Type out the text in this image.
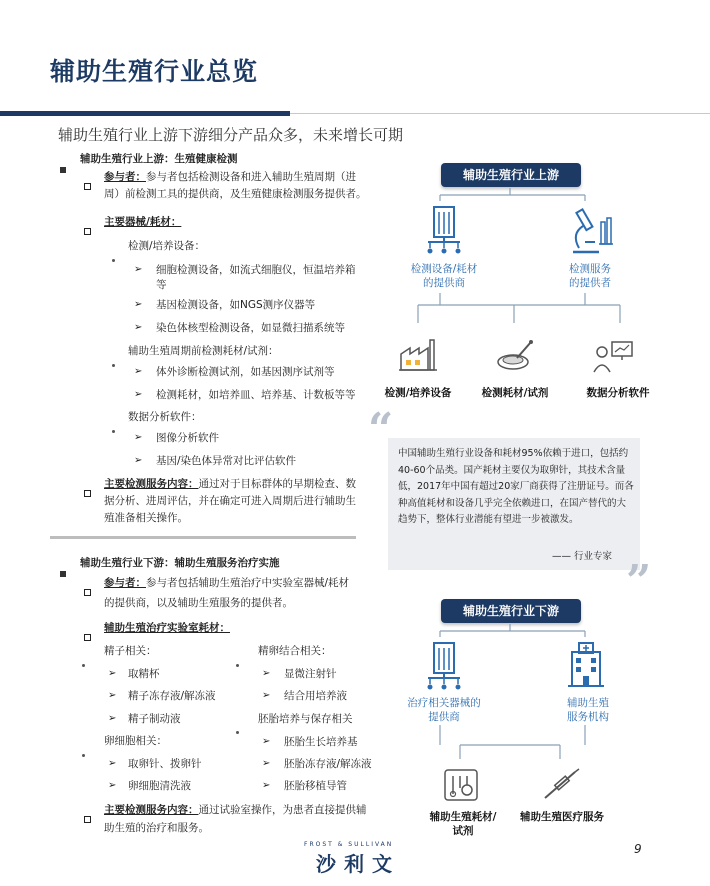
辅助生殖行业总览
辅助生殖行业上游下游细分产品众多，未来增长可期
辅助生殖行业上游：生殖健康检测
参与者：参与者包括检测设备和进入辅助生殖周期（进
周）前检测工具的提供商，及生殖健康检测服务提供者。
主要器械/耗材：
检测/培养设备：
➢ 细胞检测设备，如流式细胞仪，恒温培养箱
等
➢ 基因检测设备，如NGS测序仪器等
➢ 染色体核型检测设备，如显微扫描系统等
辅助生殖周期前检测耗材/试剂：
➢ 体外诊断检测试剂，如基因测序试剂等
➢ 检测耗材，如培养皿、培养基、计数板等等
数据分析软件：
➢ 图像分析软件
➢ 基因/染色体异常对比评估软件
主要检测服务内容：通过对于目标群体的早期检查、数
据分析、进周评估，并在确定可进入周期后进行辅助生
殖准备相关操作。
辅助生殖行业下游：辅助生殖服务治疗实施
参与者：参与者包括辅助生殖治疗中实验室器械/耗材
的提供商，以及辅助生殖服务的提供者。
辅助生殖治疗实验室耗材：
精子相关：
➢ 取精杯
➢ 精子冻存液/解冻液
➢ 精子制动液
卵细胞相关：
➢ 取卵针、拨卵针
➢ 卵细胞清洗液
精卵结合相关：
➢ 显微注射针
➢ 结合用培养液
胚胎培养与保存相关
➢ 胚胎生长培养基
➢ 胚胎冻存液/解冻液
➢ 胚胎移植导管
主要检测服务内容：通过试验室操作，为患者直接提供辅
助生殖的治疗和服务。
辅助生殖行业上游
检测设备/耗材
的提供商
检测服务
的提供者
检测/培养设备	检测耗材/试剂	数据分析软件
“
”
中国辅助生殖行业设备和耗材95%依赖于进口，包括约40-60个品类。国产耗材主要仅为取卵针，其技术含量低，2017年中国有超过20家厂商获得了注册证号。而各种高值耗材和设备几乎完全依赖进口，在国产替代的大趋势下，整体行业潜能有望进一步被激发。
—— 行业专家
辅助生殖行业下游
治疗相关器械的
提供商
辅助生殖
服务机构
辅助生殖耗材/
试剂
辅助生殖医疗服务
FROST & SULLIVAN
沙利文
9
